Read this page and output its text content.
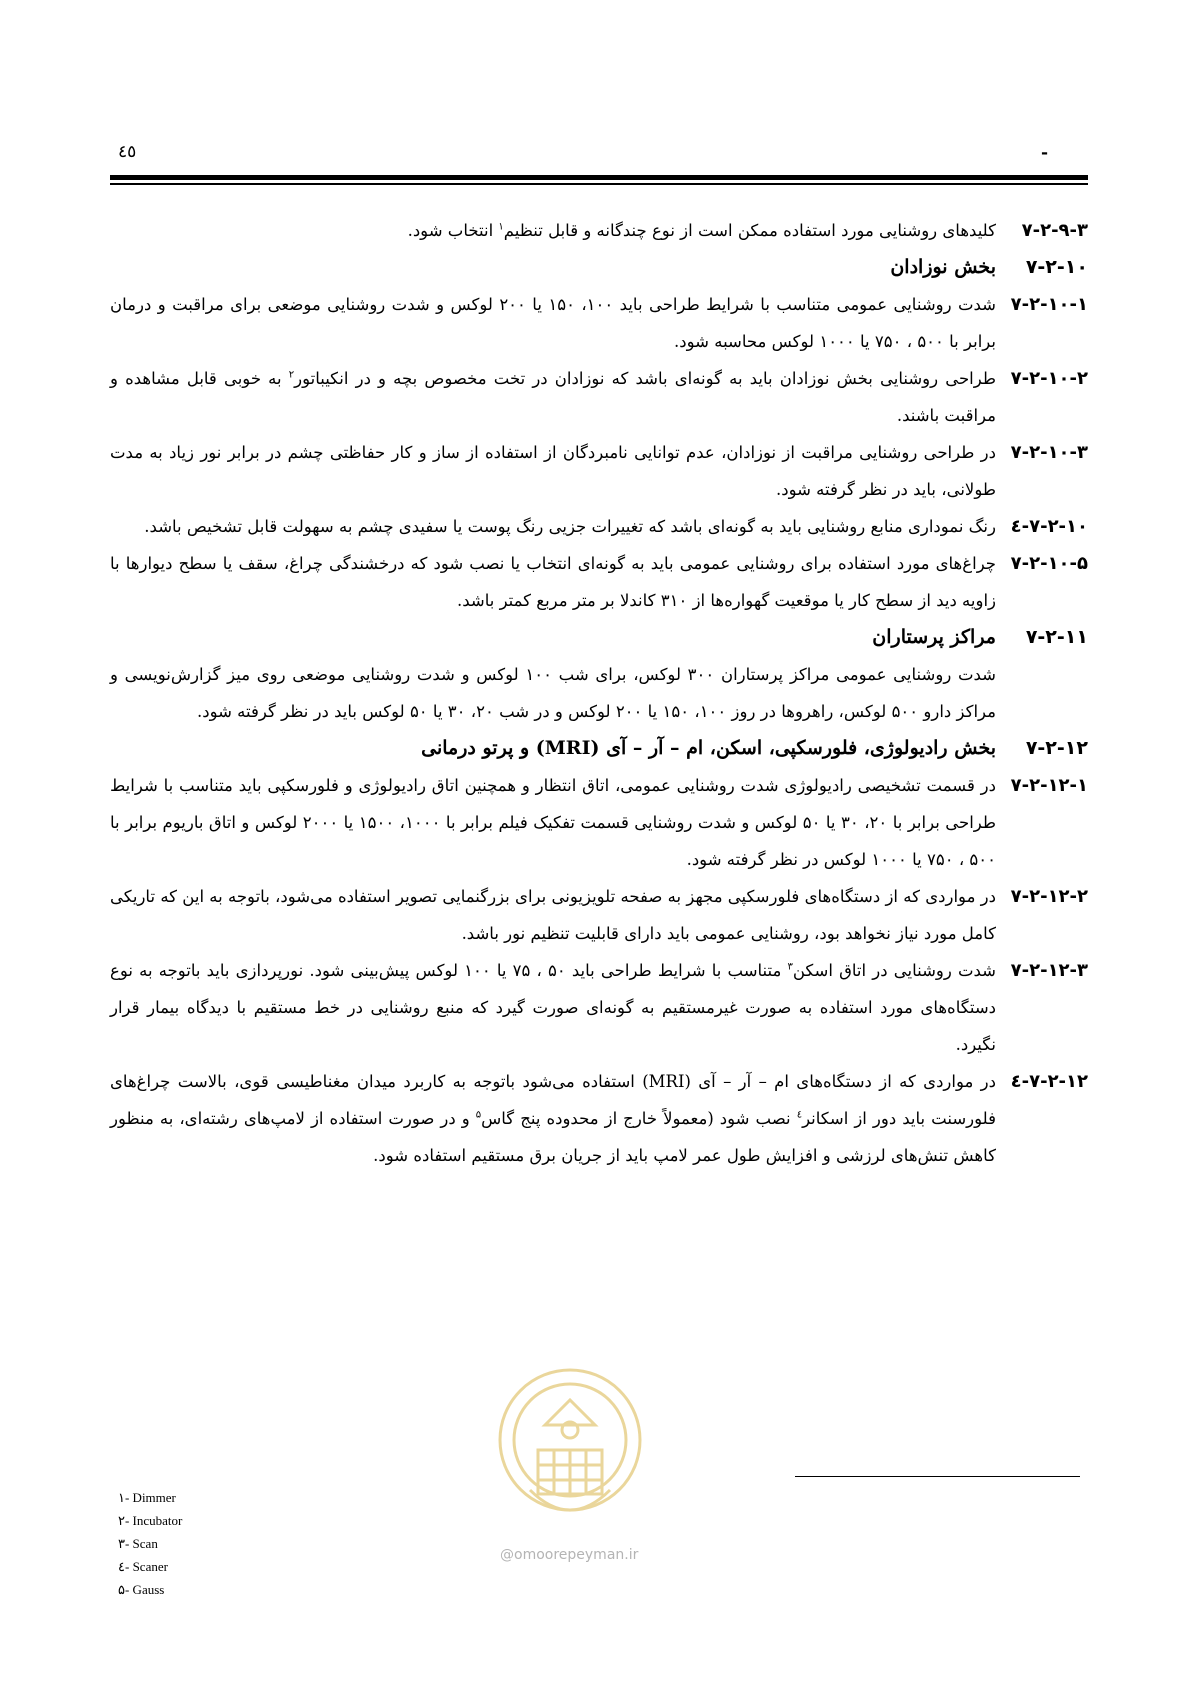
٤٥	-
۷-۲-۹-۳
کلیدهای روشنایی مورد استفاده ممکن است از نوع چندگانه و قابل تنظیم$^۱$ انتخاب شود.
۷-۲-۱۰
بخش نوزادان
۷-۲-۱۰-۱
شدت روشنایی عمومی متناسب با شرایط طراحی باید ۱۰۰، ۱۵۰ یا ۲۰۰ لوکس و شدت روشنایی موضعی برای مراقبت و درمان برابر با ۵۰۰ ، ۷۵۰ یا ۱۰۰۰ لوکس محاسبه شود.
۷-۲-۱۰-۲
طراحی روشنایی بخش نوزادان باید به گونه‌ای باشد که نوزادان در تخت مخصوص بچه و در انکیباتور$^۲$ به خوبی قابل مشاهده و مراقبت باشند.
۷-۲-۱۰-۳
در طراحی روشنایی مراقبت از نوزادان، عدم توانایی نامبردگان از استفاده از ساز و کار حفاظتی چشم در برابر نور زیاد به مدت طولانی، باید در نظر گرفته شود.
۷-۲-۱۰-٤
رنگ نموداری منابع روشنایی باید به گونه‌ای باشد که تغییرات جزیی رنگ پوست یا سفیدی چشم به سهولت قابل تشخیص باشد.
۷-۲-۱۰-۵
چراغ‌های مورد استفاده برای روشنایی عمومی باید به گونه‌ای انتخاب یا نصب شود که درخشندگی چراغ، سقف یا سطح دیوارها با زاویه دید از سطح کار یا موقعیت گهواره‌ها از ۳۱۰ کاندلا بر متر مربع کمتر باشد.
۷-۲-۱۱
مراکز پرستاران
شدت روشنایی عمومی مراکز پرستاران ۳۰۰ لوکس، برای شب ۱۰۰ لوکس و شدت روشنایی موضعی روی میز گزارش‌نویسی و مراکز دارو ۵۰۰ لوکس، راهروها در روز ۱۰۰، ۱۵۰ یا ۲۰۰ لوکس و در شب ۲۰، ۳۰ یا ۵۰ لوکس باید در نظر گرفته شود.
۷-۲-۱۲
بخش رادیولوژی، فلورسکپی، اسکن، ام – آر – آی (MRI) و پرتو درمانی
۷-۲-۱۲-۱
در قسمت تشخیصی رادیولوژی شدت روشنایی عمومی، اتاق انتظار و همچنین اتاق رادیولوژی و فلورسکپی باید متناسب با شرایط طراحی برابر با ۲۰، ۳۰ یا ۵۰ لوکس و شدت روشنایی قسمت تفکیک فیلم برابر با ۱۰۰۰، ۱۵۰۰ یا ۲۰۰۰ لوکس و اتاق باریوم برابر با ۵۰۰ ، ۷۵۰ یا ۱۰۰۰ لوکس در نظر گرفته شود.
۷-۲-۱۲-۲
در مواردی که از دستگاه‌های فلورسکپی مجهز به صفحه تلویزیونی برای بزرگنمایی تصویر استفاده می‌شود، باتوجه به این که تاریکی کامل مورد نیاز نخواهد بود، روشنایی عمومی باید دارای قابلیت تنظیم نور باشد.
۷-۲-۱۲-۳
شدت روشنایی در اتاق اسکن$^۳$ متناسب با شرایط طراحی باید ۵۰ ، ۷۵ یا ۱۰۰ لوکس پیش‌بینی شود. نورپردازی باید باتوجه به نوع دستگاه‌های مورد استفاده به صورت غیرمستقیم به گونه‌ای صورت گیرد که منبع روشنایی در خط مستقیم با دیدگاه بیمار قرار نگیرد.
۷-۲-۱۲-٤
در مواردی که از دستگاه‌های ام – آر – آی (MRI) استفاده می‌شود باتوجه به کاربرد میدان مغناطیسی قوی، بالاست چراغ‌های فلورسنت باید دور از اسکانر$^٤$ نصب شود (معمولاً خارج از محدوده پنج گاس$^۵$ و در صورت استفاده از لامپ‌های رشته‌ای، به منظور کاهش تنش‌های لرزشی و افزایش طول عمر لامپ باید از جریان برق مستقیم استفاده شود.
۱- Dimmer
۲- Incubator
۳- Scan
٤- Scaner
۵- Gauss
@omoorepeyman.ir
